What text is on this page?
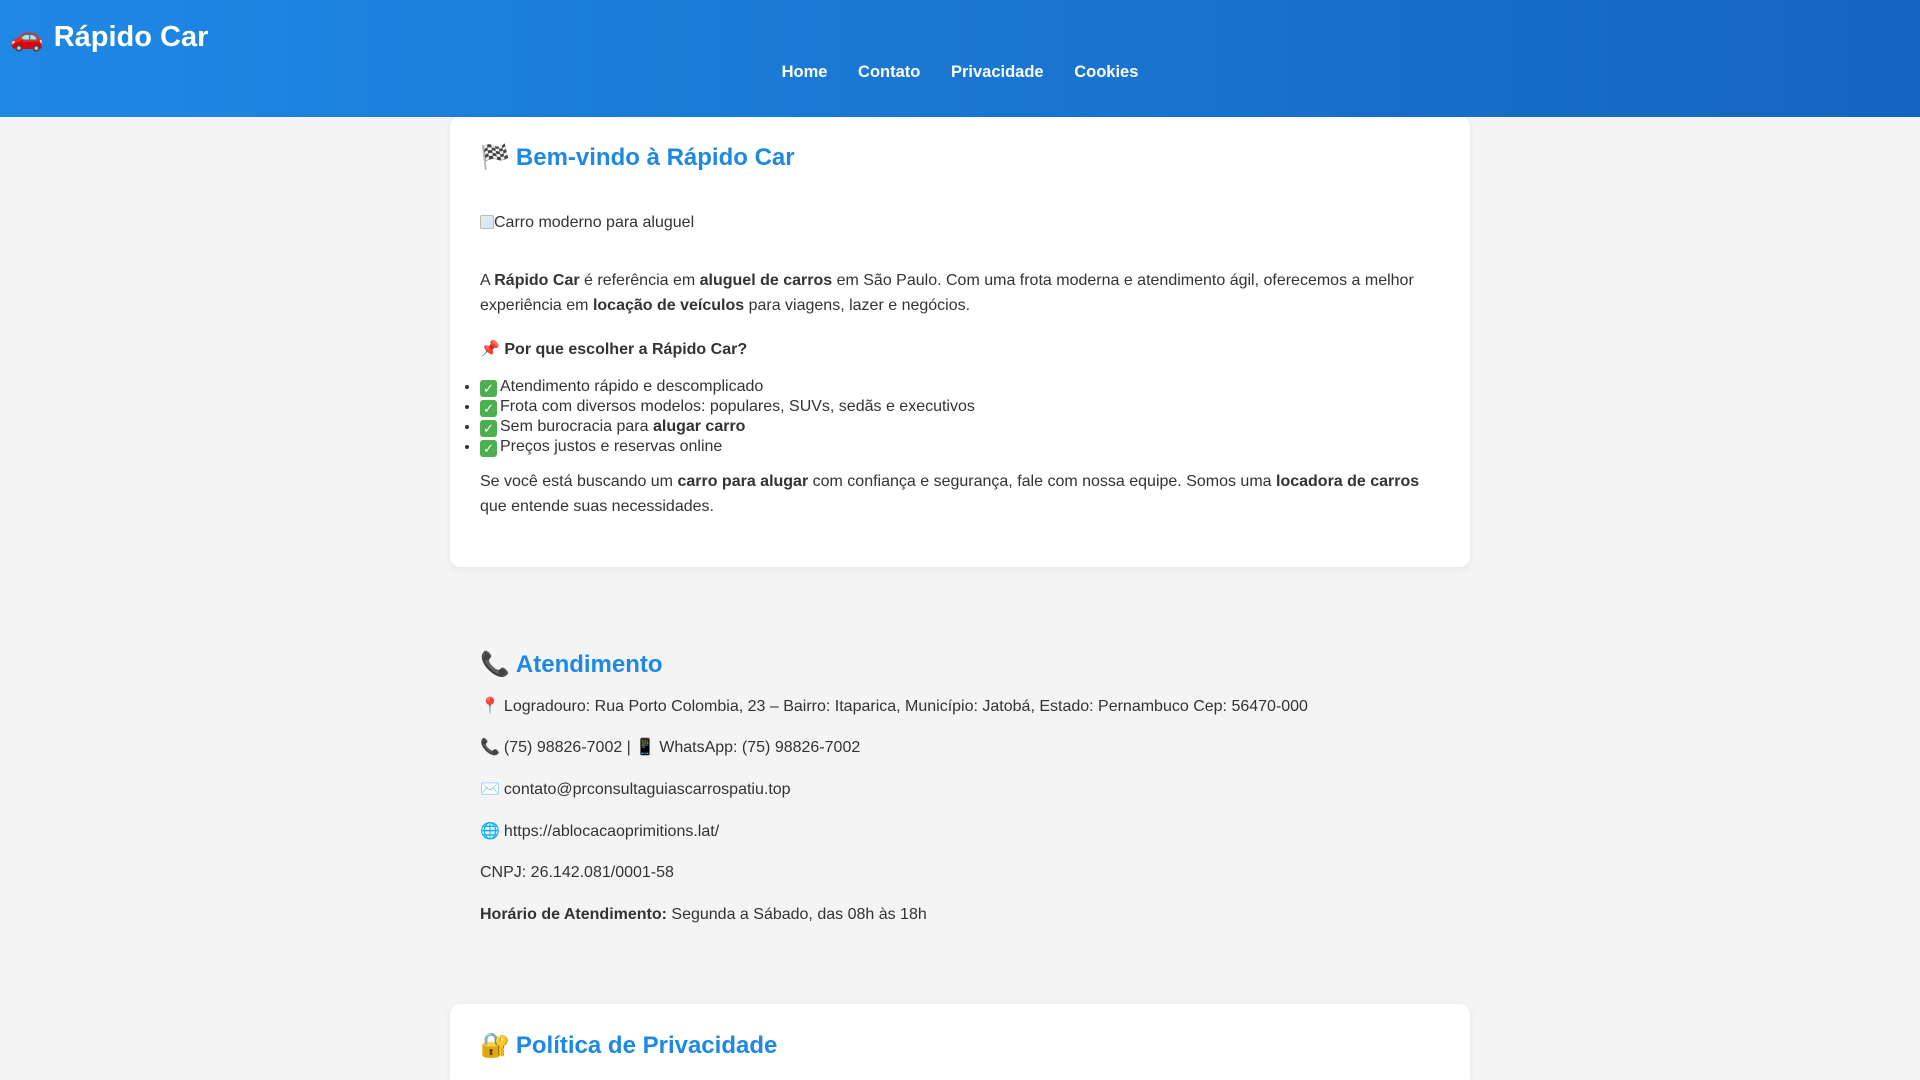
🚗 Rápido Car
Home Contato Privacidade Cookies
🏁 Bem-vindo à Rápido Car
Carro moderno para aluguel

A Rápido Car é referência em aluguel de carros em São Paulo. Com uma frota moderna e atendimento ágil, oferecemos a melhor experiência em locação de veículos para viagens, lazer e negócios.

📌 Por que escolher a Rápido Car?

• ✓ Atendimento rápido e descomplicado
• ✓ Frota com diversos modelos: populares, SUVs, sedãs e executivos
• ✓ Sem burocracia para alugar carro
• ✓ Preços justos e reservas online

Se você está buscando um carro para alugar com confiança e segurança, fale com nossa equipe. Somos uma locadora de carros que entende suas necessidades.

📞 Atendimento
📍 Logradouro: Rua Porto Colombia, 23 – Bairro: Itaparica, Município: Jatobá, Estado: Pernambuco Cep: 56470-000
📞 (75) 98826-7002 | 📱 WhatsApp: (75) 98826-7002
✉️ contato@prconsultaguiascarrospatiu.top
🌐 https://ablocacaoprimitions.lat/
CNPJ: 26.142.081/0001-58
Horário de Atendimento: Segunda a Sábado, das 08h às 18h
🔐 Política de Privacidade
